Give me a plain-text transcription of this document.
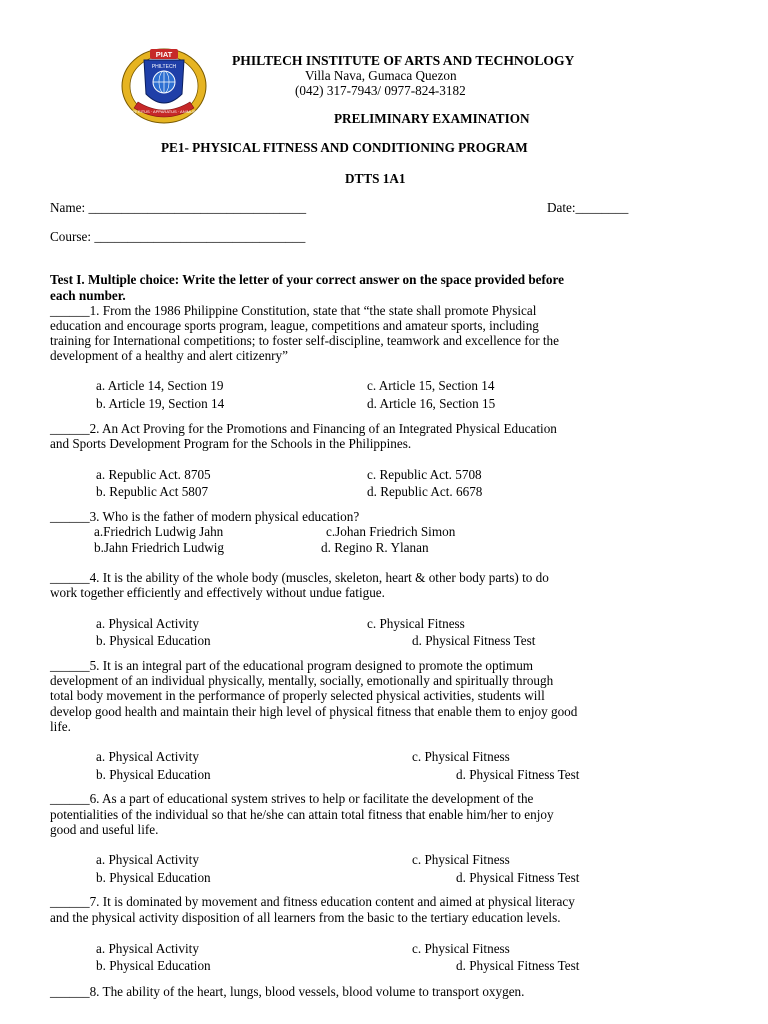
PIAT
PHILTECH
PERITUS · APPARATUS · ANIMUS
PHILTECH INSTITUTE OF ARTS AND TECHNOLOGY
Villa Nava, Gumaca Quezon
(042) 317-7943/ 0977-824-3182
PRELIMINARY EXAMINATION
PE1- PHYSICAL FITNESS AND CONDITIONING PROGRAM
DTTS 1A1
Name: _________________________________	Date:________
Course: ________________________________
Test I. Multiple choice: Write the letter of your correct answer on the space provided before
each number.
______1. From the 1986 Philippine Constitution, state that “the state shall promote Physical
education and encourage sports program, league, competitions and amateur sports, including
training for International competitions; to foster self-discipline, teamwork and excellence for the
development of a healthy and alert citizenry”
a. Article 14, Section 19
b. Article 19, Section 14
c. Article 15, Section 14
d. Article 16, Section 15
______2. An Act Proving for the Promotions and Financing of an Integrated Physical Education
and Sports Development Program for the Schools in the Philippines.
a. Republic Act. 8705
b. Republic Act 5807
c. Republic Act. 5708
d. Republic Act. 6678
______3. Who is the father of modern physical education?
a.Friedrich Ludwig Jahn
b.Jahn Friedrich Ludwig
c.Johan Friedrich Simon
d. Regino R. Ylanan
______4. It is the ability of the whole body (muscles, skeleton, heart & other body parts) to do
work together efficiently and effectively without undue fatigue.
a. Physical Activity
b. Physical Education
c. Physical Fitness
d. Physical Fitness Test
______5. It is an integral part of the educational program designed to promote the optimum
development of an individual physically, mentally, socially, emotionally and spiritually through
total body movement in the performance of properly selected physical activities, students will
develop good health and maintain their high level of physical fitness that enable them to enjoy good
life.
a. Physical Activity
b. Physical Education
c. Physical Fitness
d. Physical Fitness Test
______6. As a part of educational system strives to help or facilitate the development of the
potentialities of the individual so that he/she can attain total fitness that enable him/her to enjoy
good and useful life.
a. Physical Activity
b. Physical Education
c. Physical Fitness
d. Physical Fitness Test
______7. It is dominated by movement and fitness education content and aimed at physical literacy
and the physical activity disposition of all learners from the basic to the tertiary education levels.
a. Physical Activity
b. Physical Education
c. Physical Fitness
d. Physical Fitness Test
______8. The ability of the heart, lungs, blood vessels, blood volume to transport oxygen.
